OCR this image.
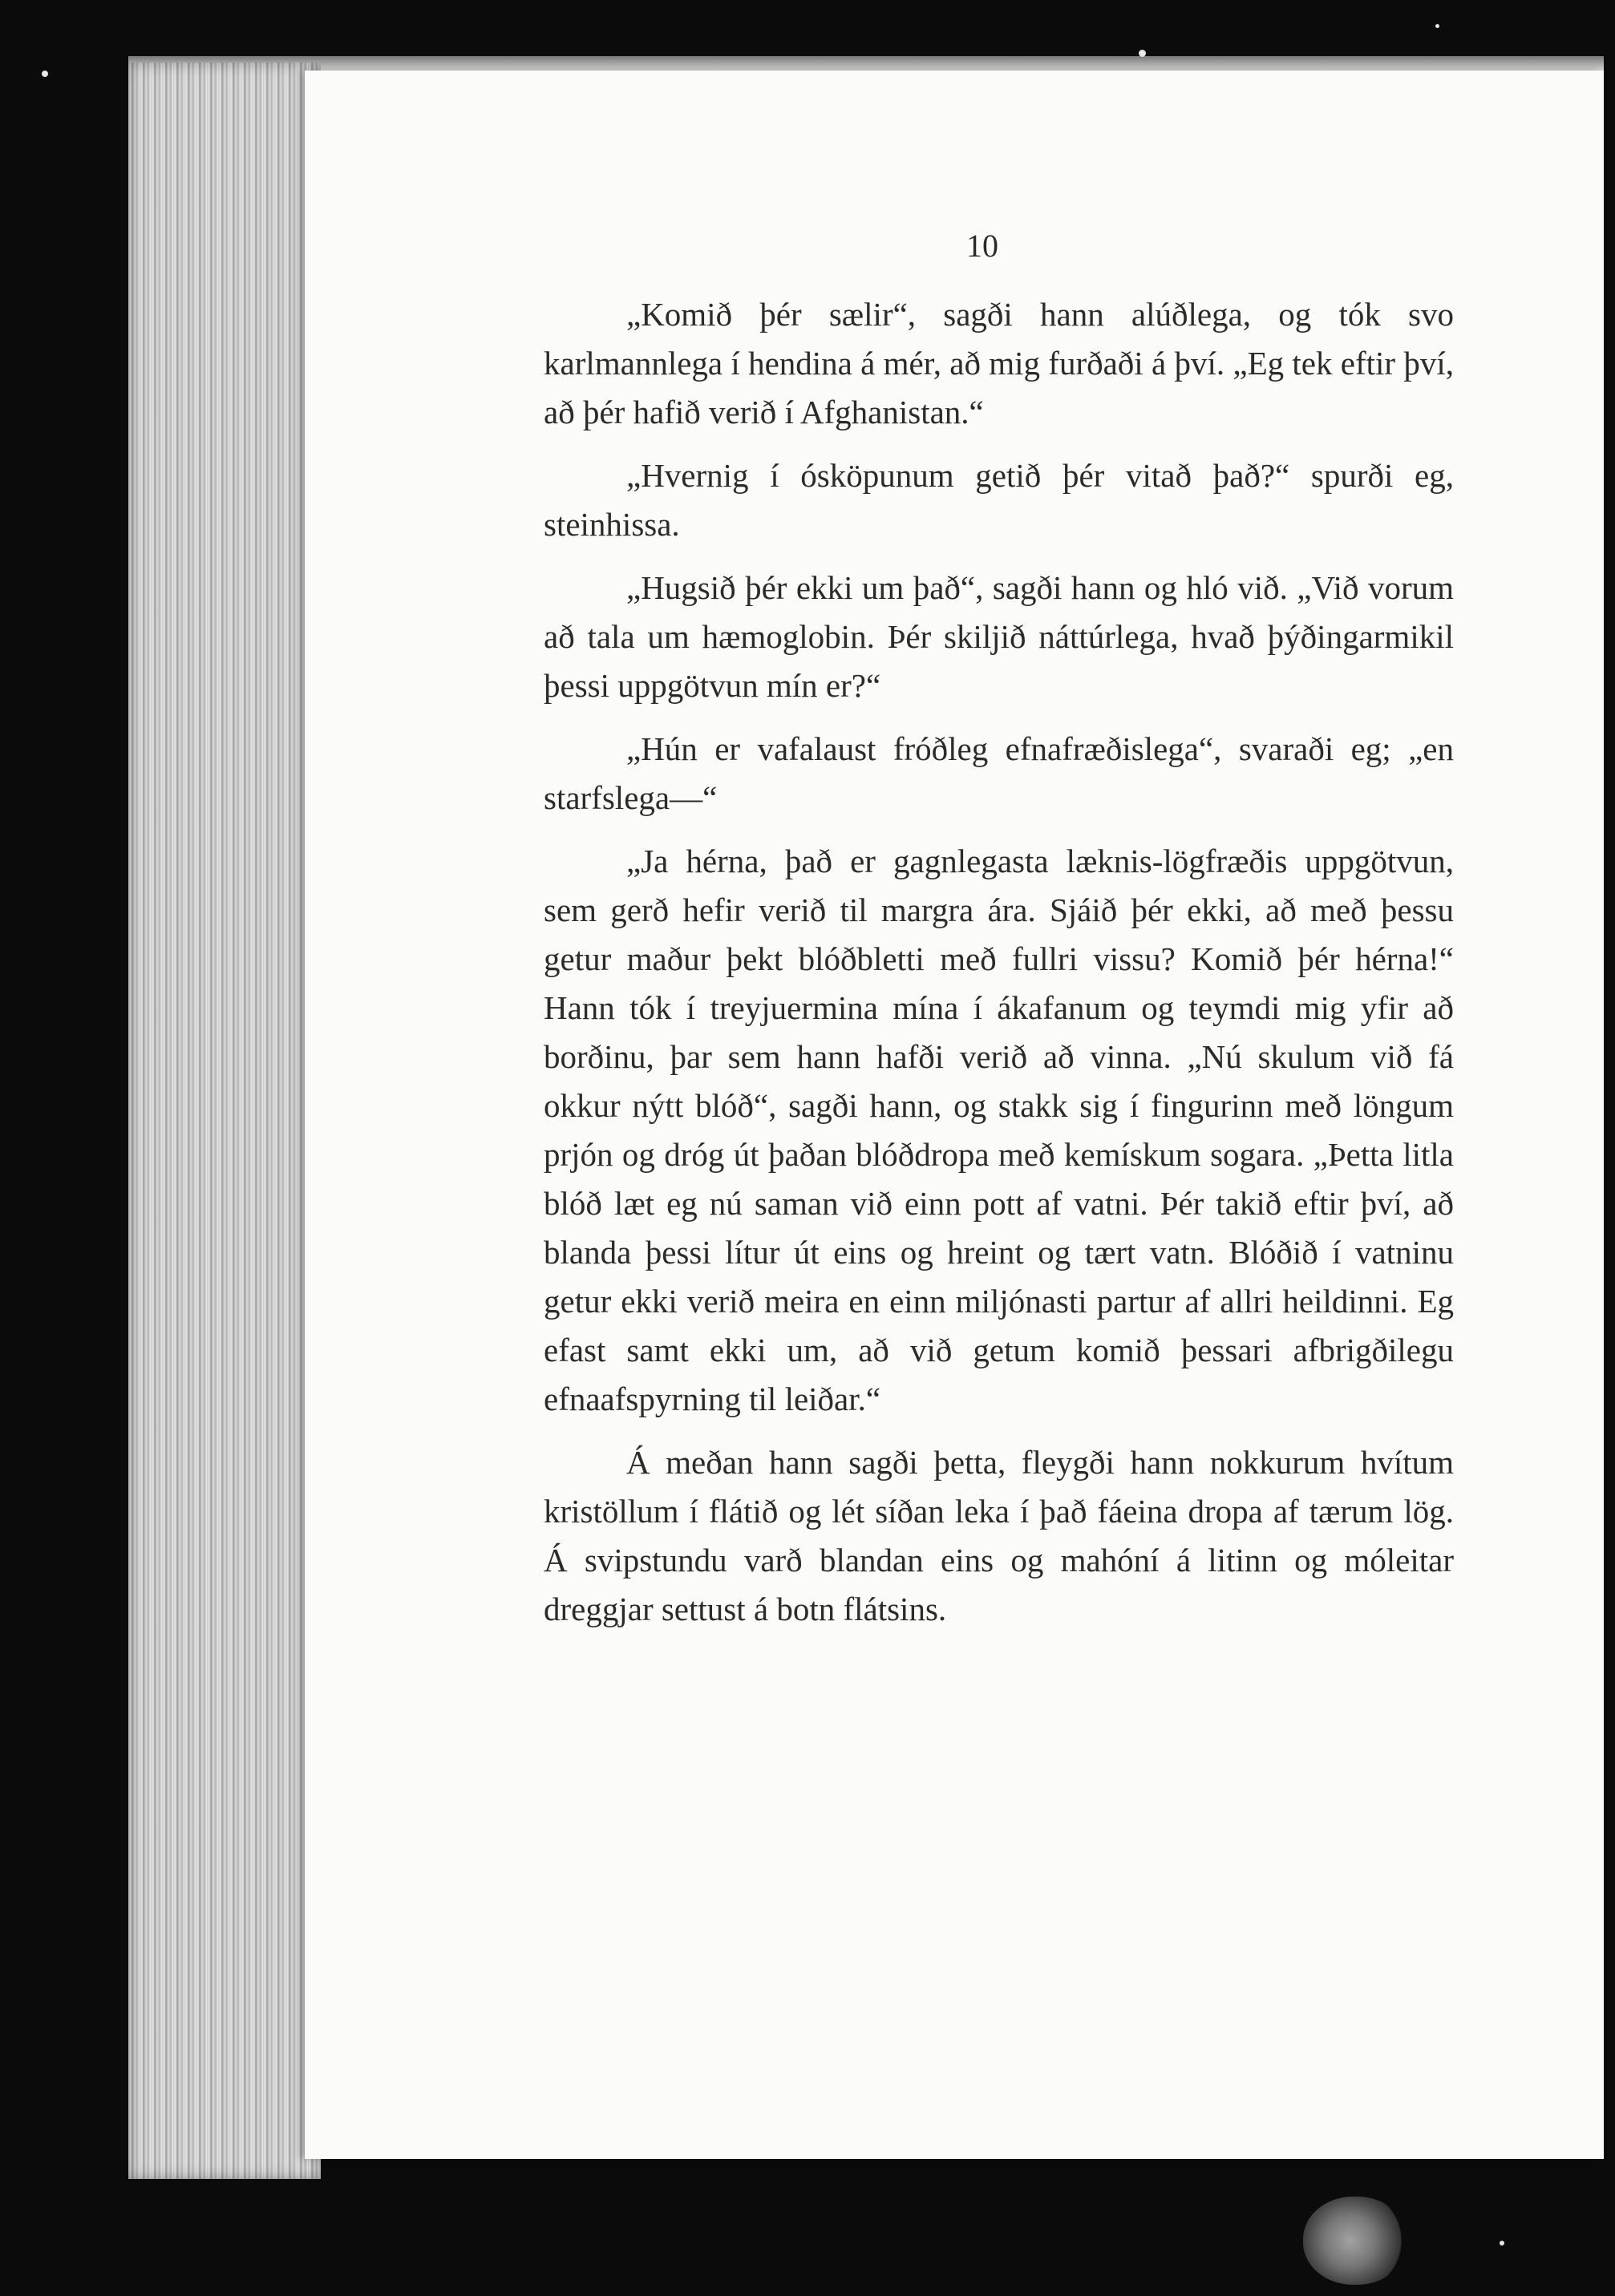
10

„Komið þér sælir“, sagði hann alúðlega, og tók svo karlmannlega í hendina á mér, að mig furðaði á því. „Eg tek eftir því, að þér hafið verið í Afghanistan.“

„Hvernig í ósköpunum getið þér vitað það?“ spurði eg, steinhissa.

„Hugsið þér ekki um það“, sagði hann og hló við. „Við vorum að tala um hæmoglobin. Þér skiljið náttúrlega, hvað þýðingarmikil þessi uppgötvun mín er?“

„Hún er vafalaust fróðleg efnafræðislega“, svaraði eg; „en starfslega—“

„Ja hérna, það er gagnlegasta læknis-lögfræðis uppgötvun, sem gerð hefir verið til margra ára. Sjáið þér ekki, að með þessu getur maður þekt blóðbletti með fullri vissu? Komið þér hérna!“ Hann tók í treyjuermina mína í ákafanum og teymdi mig yfir að borðinu, þar sem hann hafði verið að vinna. „Nú skulum við fá okkur nýtt blóð“, sagði hann, og stakk sig í fingurinn með löngum prjón og dróg út þaðan blóðdropa með kemískum sogara. „Þetta litla blóð læt eg nú saman við einn pott af vatni. Þér takið eftir því, að blanda þessi lítur út eins og hreint og tært vatn. Blóðið í vatninu getur ekki verið meira en einn miljónasti partur af allri heildinni. Eg efast samt ekki um, að við getum komið þessari afbrigðilegu efnaafspyrning til leiðar.“

Á meðan hann sagði þetta, fleygði hann nokkurum hvítum kristöllum í flátið og lét síðan leka í það fáeina dropa af tærum lög. Á svipstundu varð blandan eins og mahóní á litinn og móleitar dreggjar settust á botn flátsins.
